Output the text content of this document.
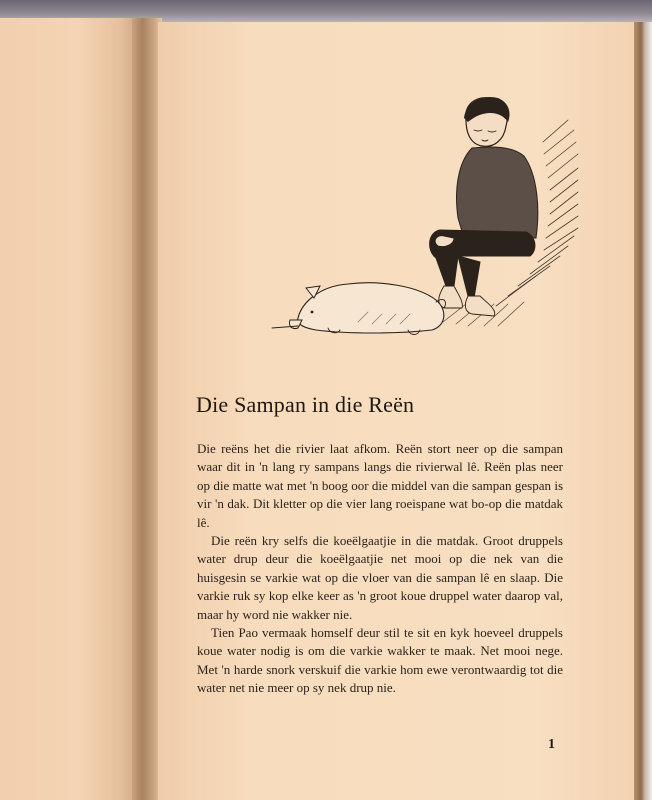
Die Sampan in die Reën

Die reëns het die rivier laat afkom. Reën stort neer op die sampan waar dit in 'n lang ry sampans langs die rivierwal lê. Reën plas neer op die matte wat met 'n boog oor die middel van die sampan gespan is vir 'n dak. Dit kletter op die vier lang roeispane wat bo-op die matdak lê.

Die reën kry selfs die koeëlgaatjie in die matdak. Groot druppels water drup deur die koeëlgaatjie net mooi op die nek van die huisgesin se varkie wat op die vloer van die sampan lê en slaap. Die varkie ruk sy kop elke keer as 'n groot koue druppel water daarop val, maar hy word nie wakker nie.

Tien Pao vermaak homself deur stil te sit en kyk hoeveel druppels koue water nodig is om die varkie wakker te maak. Net mooi nege. Met 'n harde snork verskuif die varkie hom ewe verontwaardig tot die water net nie meer op sy nek drup nie.

1
